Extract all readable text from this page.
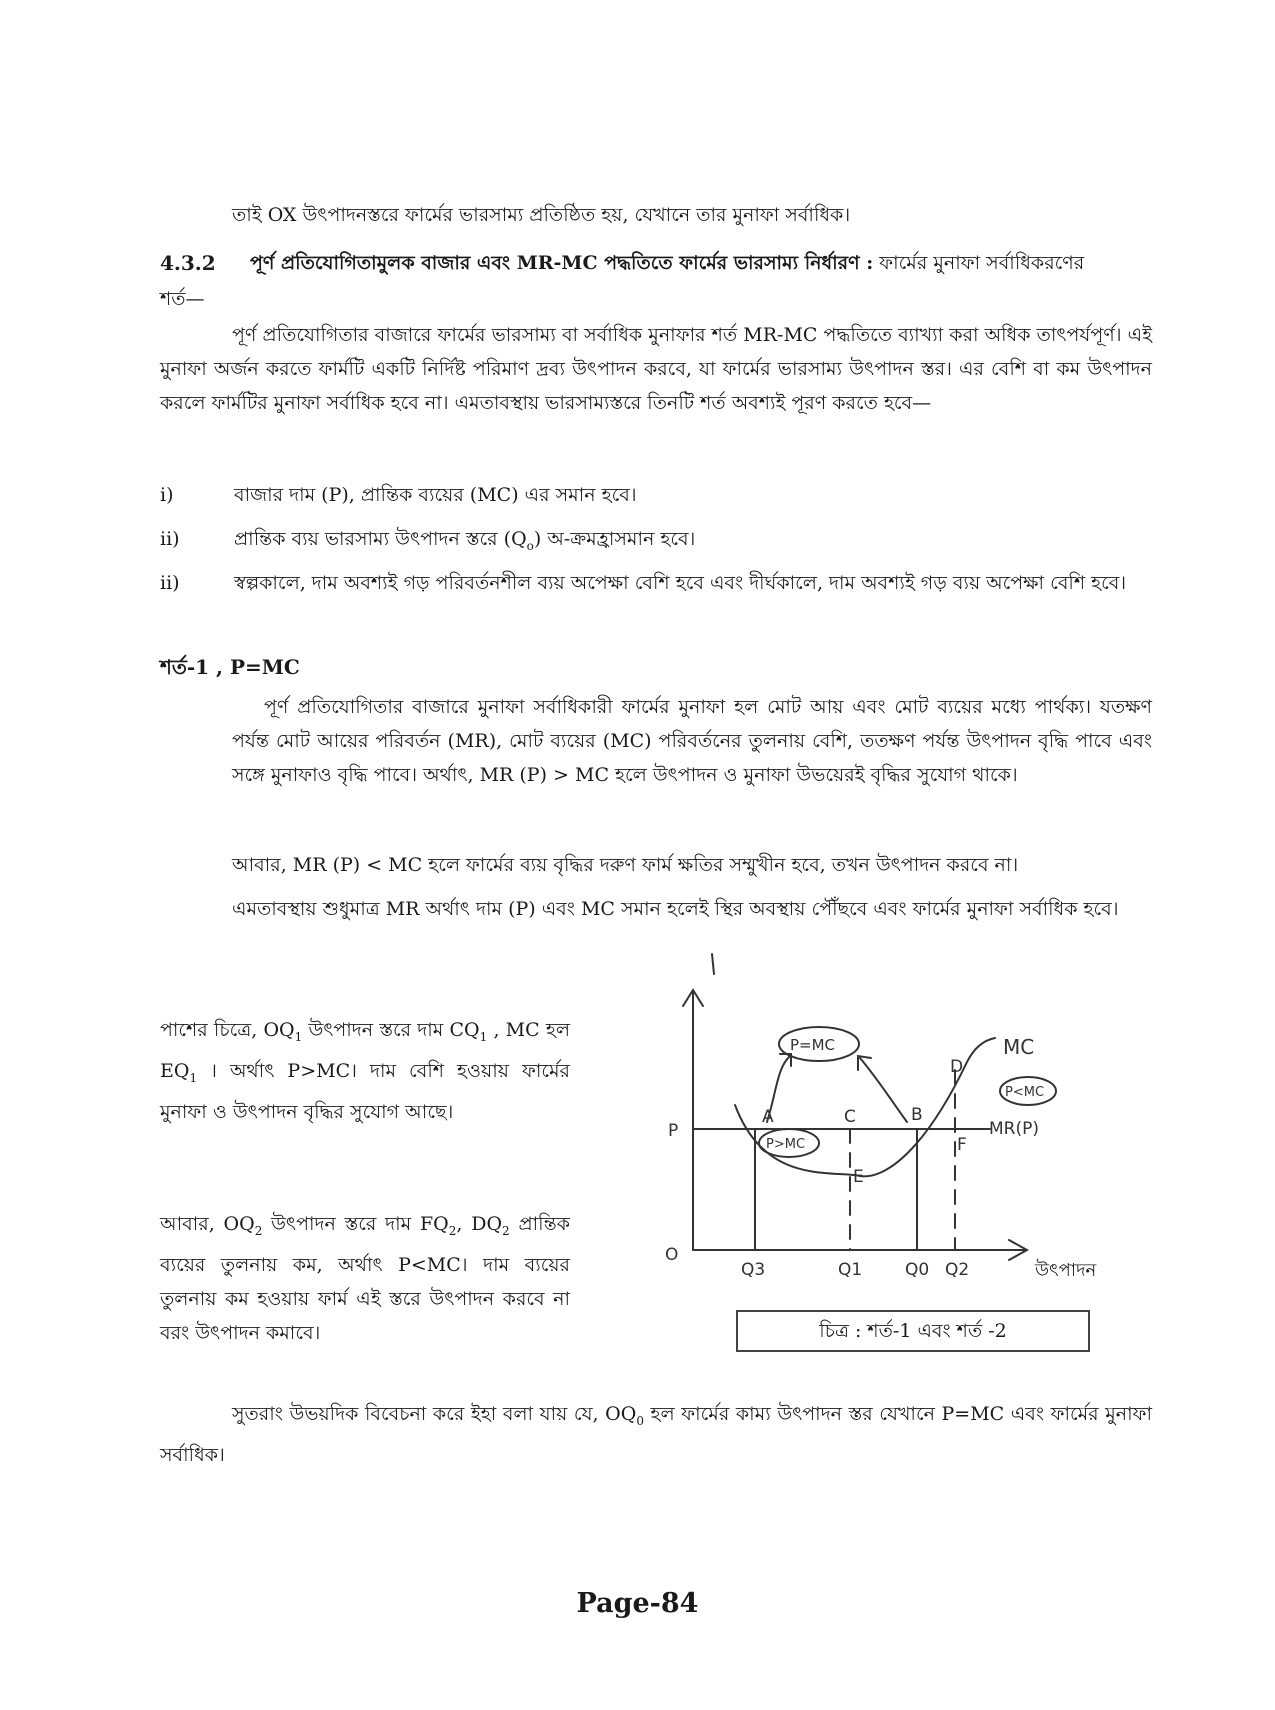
তাই OX উৎপাদনস্তরে ফার্মের ভারসাম্য প্রতিষ্ঠিত হয়, যেখানে তার মুনাফা সর্বাধিক।

4.3.2 পূর্ণ প্রতিযোগিতামুলক বাজার এবং MR-MC পদ্ধতিতে ফার্মের ভারসাম্য নির্ধারণ : ফার্মের মুনাফা সর্বাধিকরণের

শর্ত—

পূর্ণ প্রতিযোগিতার বাজারে ফার্মের ভারসাম্য বা সর্বাধিক মুনাফার শর্ত MR-MC পদ্ধতিতে ব্যাখ্যা করা অধিক তাৎপর্যপূর্ণ। এই মুনাফা অর্জন করতে ফার্মটি একটি নির্দিষ্ট পরিমাণ দ্রব্য উৎপাদন করবে, যা ফার্মের ভারসাম্য উৎপাদন স্তর। এর বেশি বা কম উৎপাদন করলে ফার্মটির মুনাফা সর্বাধিক হবে না। এমতাবস্থায় ভারসাম্যস্তরে তিনটি শর্ত অবশ্যই পূরণ করতে হবে—

i)	বাজার দাম (P), প্রান্তিক ব্যয়ের (MC) এর সমান হবে।
ii)	প্রান্তিক ব্যয় ভারসাম্য উৎপাদন স্তরে $(Q_o)$ অ-ক্রমহ্রাসমান হবে।
ii)	স্বল্পকালে, দাম অবশ্যই গড় পরিবর্তনশীল ব্যয় অপেক্ষা বেশি হবে এবং দীর্ঘকালে, দাম অবশ্যই গড় ব্যয় অপেক্ষা বেশি হবে।

শর্ত-1 , P=MC

পূর্ণ প্রতিযোগিতার বাজারে মুনাফা সর্বাধিকারী ফার্মের মুনাফা হল মোট আয় এবং মোট ব্যয়ের মধ্যে পার্থক্য। যতক্ষণ পর্যন্ত মোট আয়ের পরিবর্তন (MR), মোট ব্যয়ের (MC) পরিবর্তনের তুলনায় বেশি, ততক্ষণ পর্যন্ত উৎপাদন বৃদ্ধি পাবে এবং সঙ্গে মুনাফাও বৃদ্ধি পাবে। অর্থাৎ, MR (P) > MC হলে উৎপাদন ও মুনাফা উভয়েরই বৃদ্ধির সুযোগ থাকে।

আবার, MR (P) < MC হলে ফার্মের ব্যয় বৃদ্ধির দরুণ ফার্ম ক্ষতির সম্মুখীন হবে, তখন উৎপাদন করবে না।

এমতাবস্থায় শুধুমাত্র MR অর্থাৎ দাম (P) এবং MC সমান হলেই স্থির অবস্থায় পৌঁছবে এবং ফার্মের মুনাফা সর্বাধিক হবে।

পাশের চিত্রে, $OQ_1$ উৎপাদন স্তরে দাম $CQ_1$ , MC হল $EQ_1$ । অর্থাৎ P>MC। দাম বেশি হওয়ায় ফার্মের মুনাফা ও উৎপাদন বৃদ্ধির সুযোগ আছে।

আবার, $OQ_2$ উৎপাদন স্তরে দাম $FQ_2$, $DQ_2$ প্রান্তিক ব্যয়ের তুলনায় কম, অর্থাৎ P<MC। দাম ব্যয়ের তুলনায় কম হওয়ায় ফার্ম এই স্তরে উৎপাদন করবে না বরং উৎপাদন কমাবে।

O
P
A	B
C
D
E
F
MC
MR(P)
P=MC
P>MC
P<MC
Q3	Q1	Q0 Q2	উৎপাদন
চিত্র : শর্ত-1 এবং শর্ত -2

সুতরাং উভয়দিক বিবেচনা করে ইহা বলা যায় যে, $OQ_0$ হল ফার্মের কাম্য উৎপাদন স্তর যেখানে P=MC এবং ফার্মের মুনাফা সর্বাধিক।

Page-84
